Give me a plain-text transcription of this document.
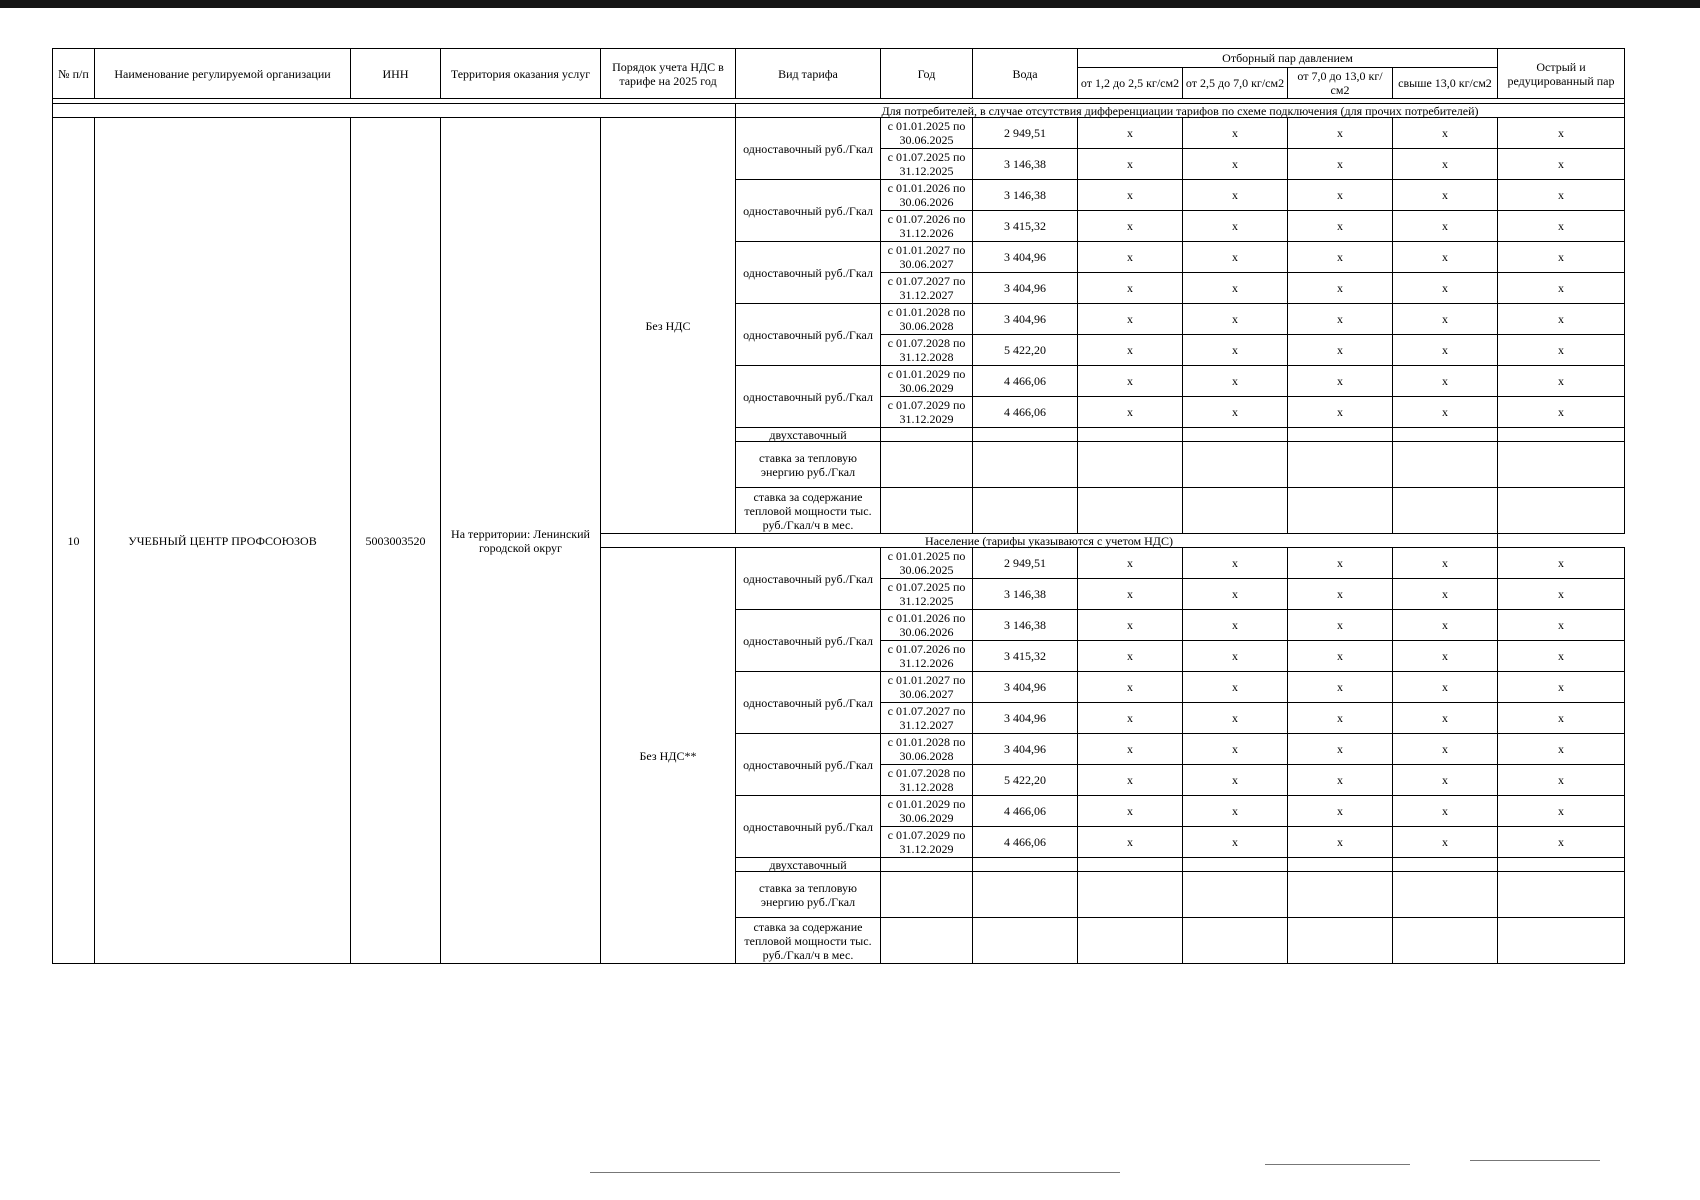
№ п/п	Наименование регулируемой организации	ИНН	Территория оказания услуг	Порядок учета НДС в тарифе на 2025 год	Вид тарифа	Год	Вода	Отборный пар давлением				Острый и редуцированный пар
								от 1,2 до 2,5 кг/см2	от 2,5 до 7,0 кг/см2	от 7,0 до 13,0 кг/см2	свыше 13,0 кг/см2	

					Для потребителей, в случае отсутствия дифференциации тарифов по схеме подключения (для прочих потребителей)							
10	УЧЕБНЫЙ ЦЕНТР ПРОФСОЮЗОВ	5003003520	На территории: Ленинский городской округ	Без НДС	одноставочный руб./Гкал	с 01.01.2025 по 30.06.2025	2 949,51	x	x	x	x	x
						с 01.07.2025 по 31.12.2025	3 146,38	x	x	x	x	x
					одноставочный руб./Гкал	с 01.01.2026 по 30.06.2026	3 146,38	x	x	x	x	x
						с 01.07.2026 по 31.12.2026	3 415,32	x	x	x	x	x
					одноставочный руб./Гкал	с 01.01.2027 по 30.06.2027	3 404,96	x	x	x	x	x
						с 01.07.2027 по 31.12.2027	3 404,96	x	x	x	x	x
					одноставочный руб./Гкал	с 01.01.2028 по 30.06.2028	3 404,96	x	x	x	x	x
						с 01.07.2028 по 31.12.2028	5 422,20	x	x	x	x	x
					одноставочный руб./Гкал	с 01.01.2029 по 30.06.2029	4 466,06	x	x	x	x	x
						с 01.07.2029 по 31.12.2029	4 466,06	x	x	x	x	x
					двухставочный							
					ставка за тепловую энергию руб./Гкал							
					ставка за содержание тепловой мощности тыс. руб./Гкал/ч в мес.							
				Население (тарифы указываются с учетом НДС)								
				Без НДС**	одноставочный руб./Гкал	с 01.01.2025 по 30.06.2025	2 949,51	x	x	x	x	x
						с 01.07.2025 по 31.12.2025	3 146,38	x	x	x	x	x
					одноставочный руб./Гкал	с 01.01.2026 по 30.06.2026	3 146,38	x	x	x	x	x
						с 01.07.2026 по 31.12.2026	3 415,32	x	x	x	x	x
					одноставочный руб./Гкал	с 01.01.2027 по 30.06.2027	3 404,96	x	x	x	x	x
						с 01.07.2027 по 31.12.2027	3 404,96	x	x	x	x	x
					одноставочный руб./Гкал	с 01.01.2028 по 30.06.2028	3 404,96	x	x	x	x	x
						с 01.07.2028 по 31.12.2028	5 422,20	x	x	x	x	x
					одноставочный руб./Гкал	с 01.01.2029 по 30.06.2029	4 466,06	x	x	x	x	x
						с 01.07.2029 по 31.12.2029	4 466,06	x	x	x	x	x
					двухставочный							
					ставка за тепловую энергию руб./Гкал							
					ставка за содержание тепловой мощности тыс. руб./Гкал/ч в мес.							
